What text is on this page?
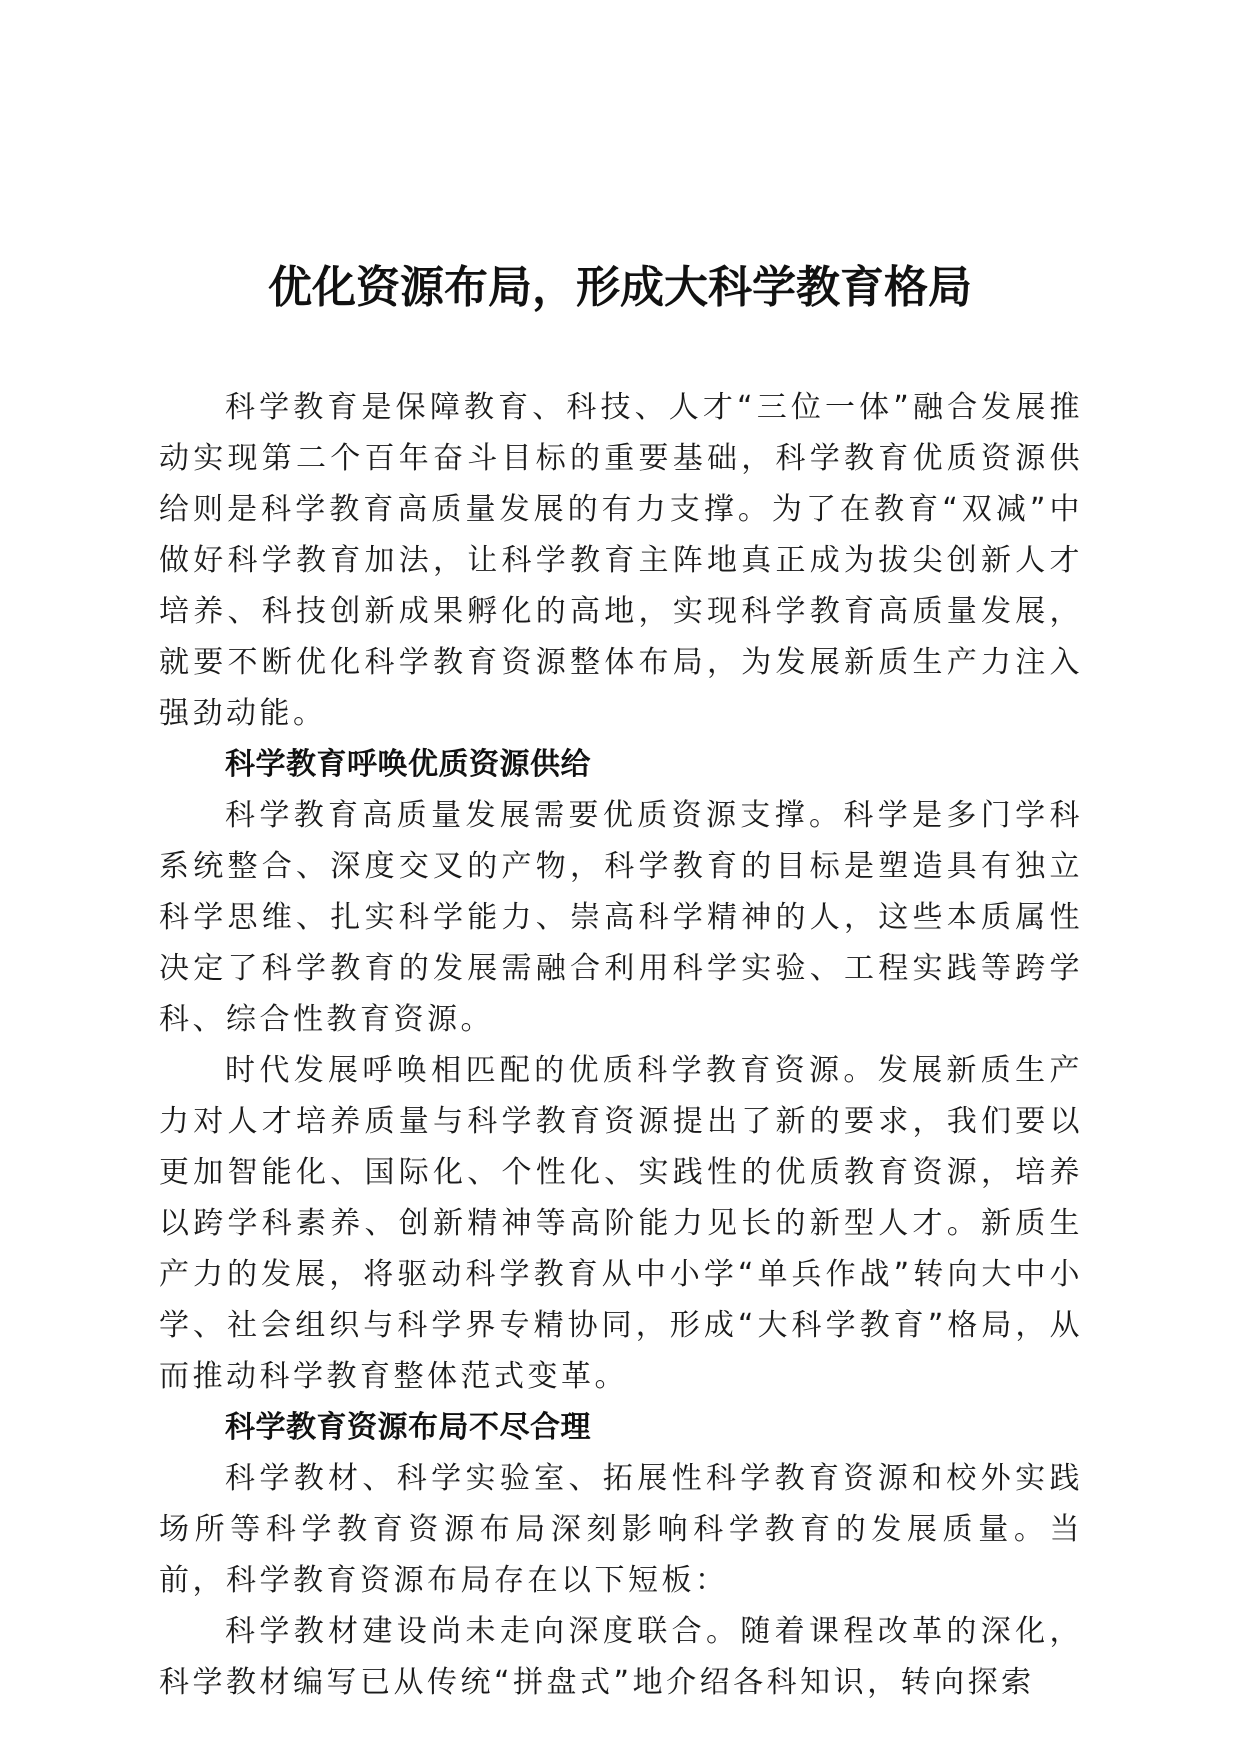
优化资源布局，形成大科学教育格局

科学教育是保障教育、科技、人才“三位一体”融合发展推动实现第二个百年奋斗目标的重要基础，科学教育优质资源供给则是科学教育高质量发展的有力支撑。为了在教育“双减”中做好科学教育加法，让科学教育主阵地真正成为拔尖创新人才培养、科技创新成果孵化的高地，实现科学教育高质量发展，就要不断优化科学教育资源整体布局，为发展新质生产力注入强劲动能。

科学教育呼唤优质资源供给

科学教育高质量发展需要优质资源支撑。科学是多门学科系统整合、深度交叉的产物，科学教育的目标是塑造具有独立科学思维、扎实科学能力、崇高科学精神的人，这些本质属性决定了科学教育的发展需融合利用科学实验、工程实践等跨学科、综合性教育资源。

时代发展呼唤相匹配的优质科学教育资源。发展新质生产力对人才培养质量与科学教育资源提出了新的要求，我们要以更加智能化、国际化、个性化、实践性的优质教育资源，培养以跨学科素养、创新精神等高阶能力见长的新型人才。新质生产力的发展，将驱动科学教育从中小学“单兵作战”转向大中小学、社会组织与科学界专精协同，形成“大科学教育”格局，从而推动科学教育整体范式变革。

科学教育资源布局不尽合理

科学教材、科学实验室、拓展性科学教育资源和校外实践场所等科学教育资源布局深刻影响科学教育的发展质量。当前，科学教育资源布局存在以下短板：

科学教材建设尚未走向深度联合。随着课程改革的深化，科学教材编写已从传统“拼盘式”地介绍各科知识，转向探索
